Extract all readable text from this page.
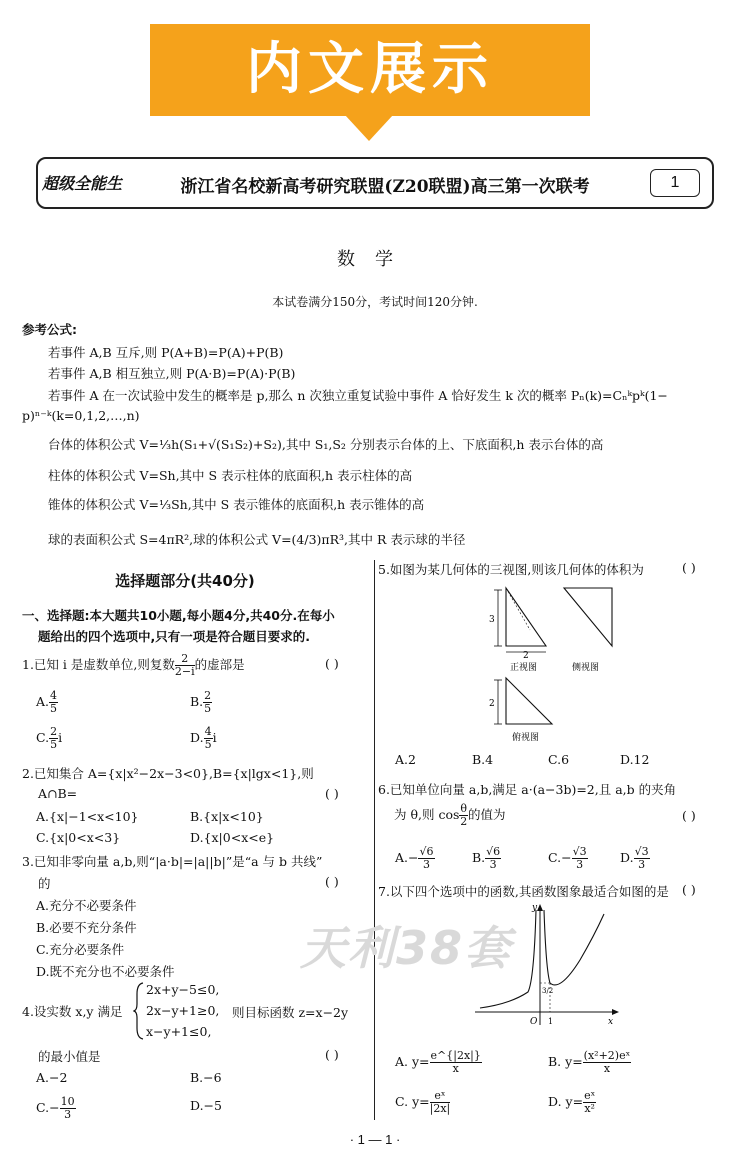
内文展示
超级全能生	浙江省名校新高考研究联盟(Z20联盟)高三第一次联考	1
数学
本试卷满分150分，考试时间120分钟.
参考公式:
若事件 A,B 互斥,则 P(A+B)=P(A)+P(B)
若事件 A,B 相互独立,则 P(A·B)=P(A)·P(B)
若事件 A 在一次试验中发生的概率是 p,那么 n 次独立重复试验中事件 A 恰好发生 k 次的概率 Pₙ(k)=Cₙᵏpᵏ(1−
p)ⁿ⁻ᵏ(k=0,1,2,…,n)
台体的体积公式 V=⅓h(S₁+√(S₁S₂)+S₂),其中 S₁,S₂ 分别表示台体的上、下底面积,h 表示台体的高
柱体的体积公式 V=Sh,其中 S 表示柱体的底面积,h 表示柱体的高
锥体的体积公式 V=⅓Sh,其中 S 表示锥体的底面积,h 表示锥体的高
球的表面积公式 S=4πR²,球的体积公式 V=(4/3)πR³,其中 R 表示球的半径
选择题部分(共40分)
一、选择题:本大题共10小题,每小题4分,共40分.在每小
题给出的四个选项中,只有一项是符合题目要求的.
1.已知 i 是虚数单位,则复数 $\frac{2}{2-i}$ 的虚部是	( )
A. $\frac{4}{5}$	B. $\frac{2}{5}$
C. $\frac{2}{5}$ i	D. $\frac{4}{5}$ i
2.已知集合 A={x|x²−2x−3<0},B={x|lgx<1},则
A∩B=	( )
A.{x|−1<x<10}	B.{x|x<10}
C.{x|0<x<3}	D.{x|0<x<e}
3.已知非零向量 a,b,则“|a·b|=|a||b|”是“a 与 b 共线”
的	( )
A.充分不必要条件
B.必要不充分条件
C.充分必要条件
D.既不充分也不必要条件
4.设实数 x,y 满足
2x+y−5≤0,
2x−y+1≥0,
x−y+1≤0,
则目标函数 z=x−2y
的最小值是	( )
A.−2	B.−6
$C.- \frac{10}{3}$	D.−5
5.如图为某几何体的三视图,则该几何体的体积为	( )
3
2
正视图	侧视图
2
俯视图
A.2	B.4	C.6	D.12
6.已知单位向量 a,b,满足 a·(a−3b)=2,且 a,b 的夹角
为 θ,则 $\cos \frac{\theta}{2}$ 的值为	( )
$A.- \frac{√6}{3}$	B. $\frac{√6}{3}$	$C.- \frac{√3}{3}$	D. $\frac{√3}{3}$
7.以下四个选项中的函数,其函数图象最适合如图的是 ( )
y
x
O 1
3/2
A. $y= \frac{e\^{}\{|2x|\}}{x}$	B. $y= \frac{\text{(x²+2)eˣ}}{x}$
C. $y= \frac{\text{eˣ}}{|2x|}$	D. $y= \frac{\text{eˣ}}{\text{x²}}$
天利38套
· 1 — 1 ·
